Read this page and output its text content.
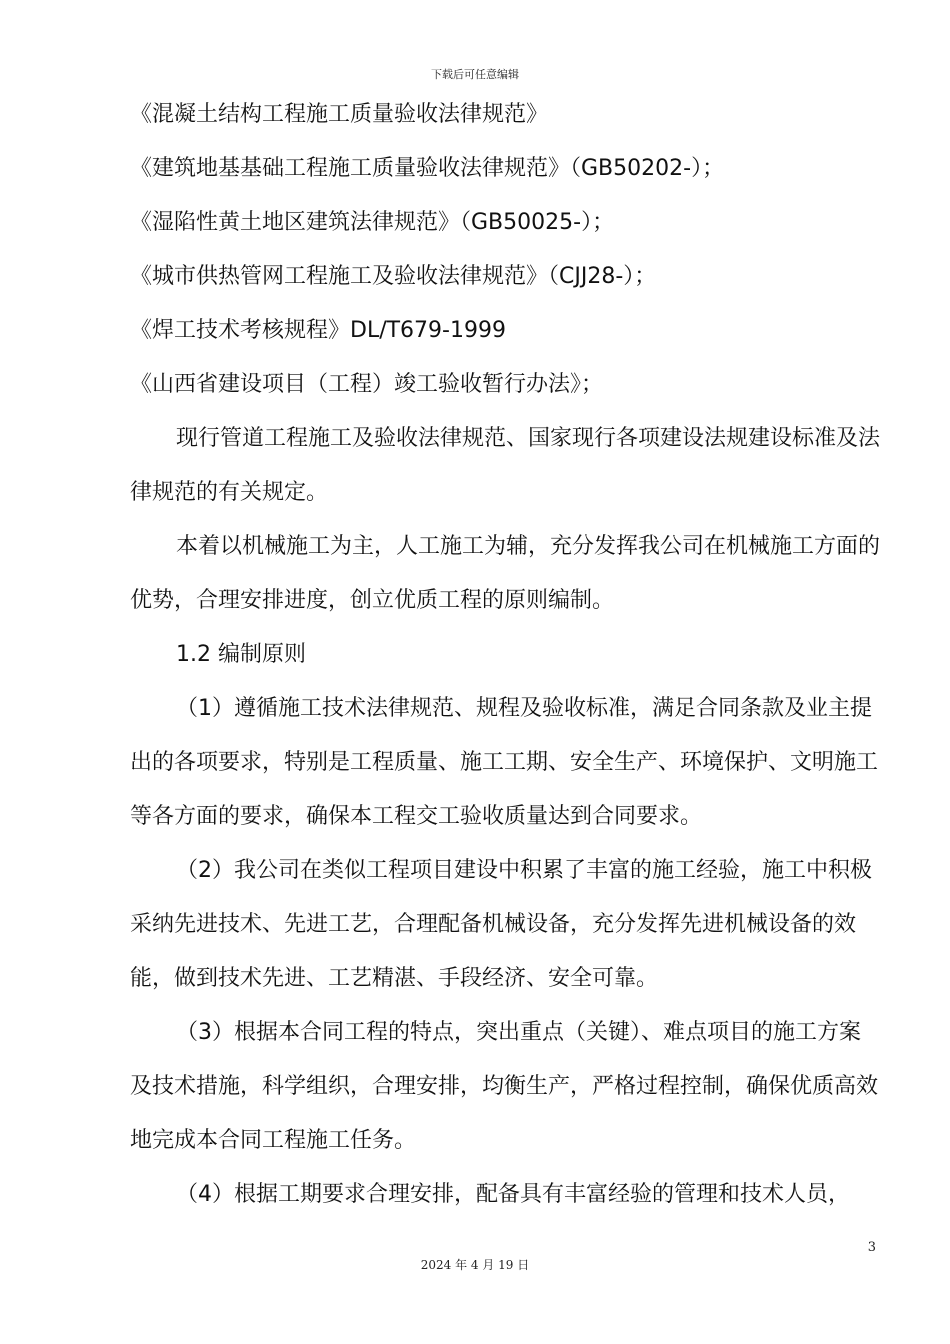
下载后可任意编辑

《混凝土结构工程施工质量验收法律规范》

《建筑地基基础工程施工质量验收法律规范》（GB50202-）；

《湿陷性黄土地区建筑法律规范》（GB50025-）；

《城市供热管网工程施工及验收法律规范》（CJJ28-）；

《焊工技术考核规程》DL/T679-1999

《山西省建设项目（工程）竣工验收暂行办法》；

现行管道工程施工及验收法律规范、国家现行各项建设法规建设标准及法律规范的有关规定。

本着以机械施工为主，人工施工为辅，充分发挥我公司在机械施工方面的优势，合理安排进度，创立优质工程的原则编制。

1.2 编制原则

（1）遵循施工技术法律规范、规程及验收标准，满足合同条款及业主提出的各项要求，特别是工程质量、施工工期、安全生产、环境保护、文明施工等各方面的要求，确保本工程交工验收质量达到合同要求。

（2）我公司在类似工程项目建设中积累了丰富的施工经验，施工中积极采纳先进技术、先进工艺，合理配备机械设备，充分发挥先进机械设备的效能，做到技术先进、工艺精湛、手段经济、安全可靠。

（3）根据本合同工程的特点，突出重点（关键）、难点项目的施工方案及技术措施，科学组织，合理安排，均衡生产，严格过程控制，确保优质高效地完成本合同工程施工任务。

（4）根据工期要求合理安排，配备具有丰富经验的管理和技术人员，

3
2024 年 4 月 19 日
